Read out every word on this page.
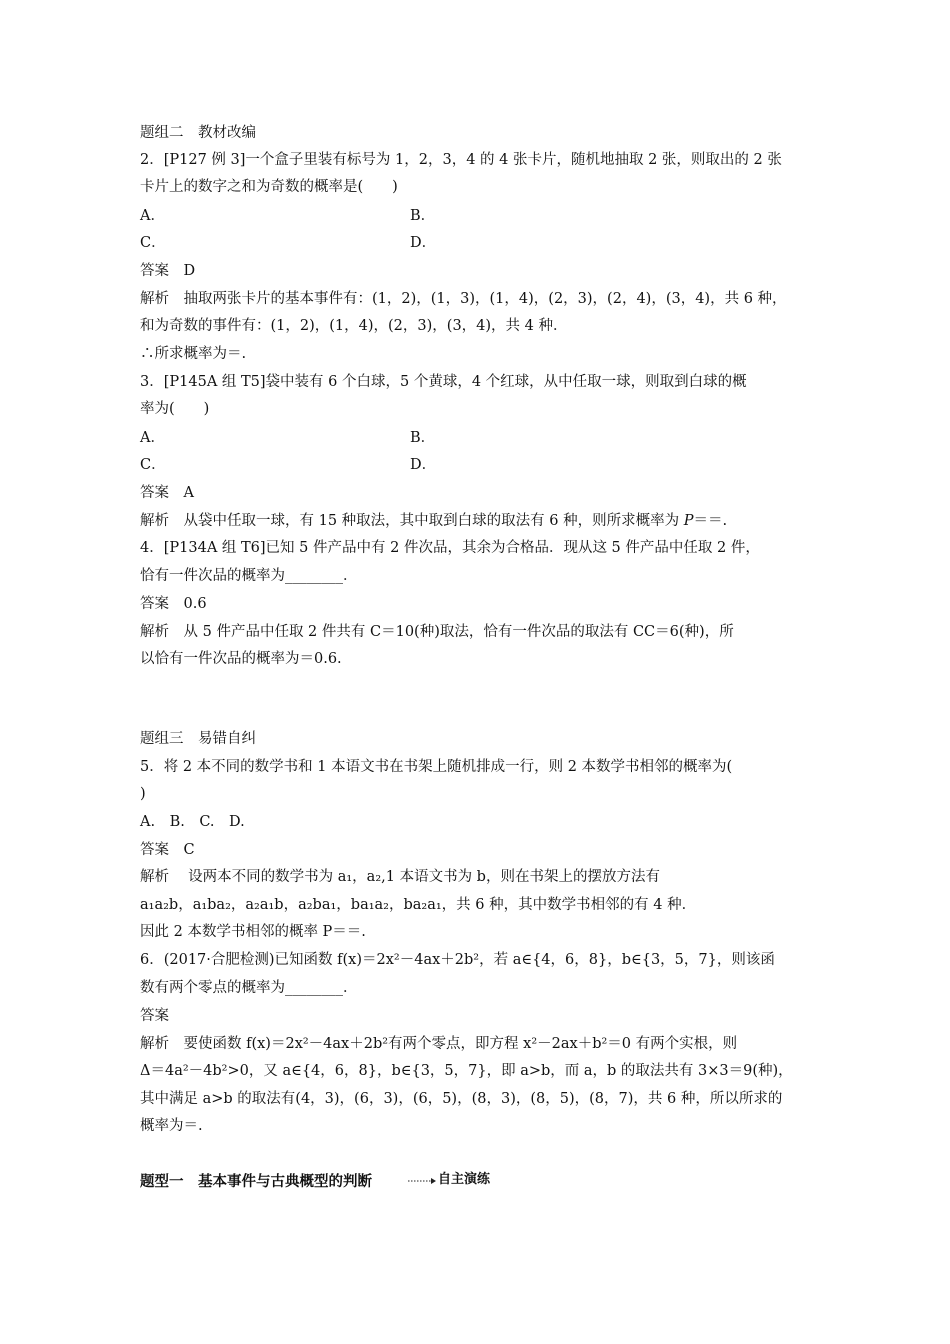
题组二　教材改编
2．[P127 例 3]一个盒子里装有标号为 1，2，3，4 的 4 张卡片，随机地抽取 2 张，则取出的 2 张
卡片上的数字之和为奇数的概率是(　　)
A．	B．
C．	D．
答案　D
解析　抽取两张卡片的基本事件有：(1，2)，(1，3)，(1，4)，(2，3)，(2，4)，(3，4)，共 6 种，
和为奇数的事件有：(1，2)，(1，4)，(2，3)，(3，4)，共 4 种．
∴所求概率为＝.
3．[P145A 组 T5]袋中装有 6 个白球，5 个黄球，4 个红球，从中任取一球，则取到白球的概
率为(　　)
A．	B．
C．	D．
答案　A
解析　从袋中任取一球，有 15 种取法，其中取到白球的取法有 6 种，则所求概率为 P＝＝.
4．[P134A 组 T6]已知 5 件产品中有 2 件次品，其余为合格品．现从这 5 件产品中任取 2 件，
恰有一件次品的概率为________．
答案　0.6
解析　从 5 件产品中任取 2 件共有 C＝10(种)取法，恰有一件次品的取法有 CC＝6(种)，所
以恰有一件次品的概率为＝0.6.
题组三　易错自纠
5．将 2 本不同的数学书和 1 本语文书在书架上随机排成一行，则 2 本数学书相邻的概率为(
)
A.　B.　C.　D.
答案　C
解析　 设两本不同的数学书为 a₁，a₂,1 本语文书为 b，则在书架上的摆放方法有
a₁a₂b，a₁ba₂，a₂a₁b，a₂ba₁，ba₁a₂，ba₂a₁，共 6 种，其中数学书相邻的有 4 种．
因此 2 本数学书相邻的概率 P＝＝.
6．(2017·合肥检测)已知函数 f(x)＝2x²－4ax＋2b²，若 a∈{4，6，8}，b∈{3，5，7}，则该函
数有两个零点的概率为________．
答案
解析　要使函数 f(x)＝2x²－4ax＋2b²有两个零点，即方程 x²－2ax＋b²＝0 有两个实根，则
Δ＝4a²－4b²>0，又 a∈{4，6，8}，b∈{3，5，7}，即 a>b，而 a，b 的取法共有 3×3＝9(种)，
其中满足 a>b 的取法有(4，3)，(6，3)，(6，5)，(8，3)，(8，5)，(8，7)，共 6 种，所以所求的
概率为＝.
题型一　基本事件与古典概型的判断	自主演练
